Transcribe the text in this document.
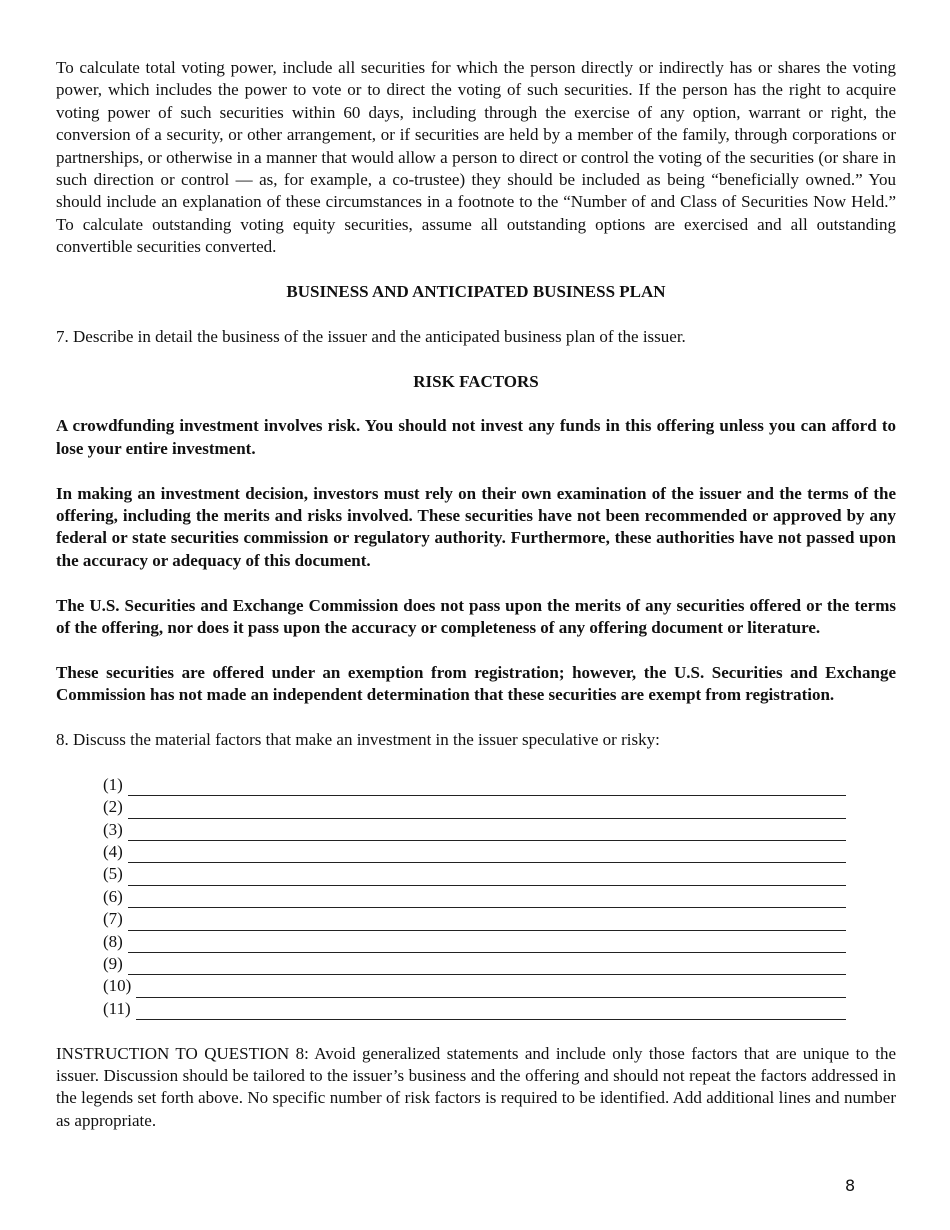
To calculate total voting power, include all securities for which the person directly or indirectly has or shares the voting power, which includes the power to vote or to direct the voting of such securities. If the person has the right to acquire voting power of such securities within 60 days, including through the exercise of any option, warrant or right, the conversion of a security, or other arrangement, or if securities are held by a member of the family, through corporations or partnerships, or otherwise in a manner that would allow a person to direct or control the voting of the securities (or share in such direction or control — as, for example, a co-trustee) they should be included as being “beneficially owned.” You should include an explanation of these circumstances in a footnote to the “Number of and Class of Securities Now Held.” To calculate outstanding voting equity securities, assume all outstanding options are exercised and all outstanding convertible securities converted.

BUSINESS AND ANTICIPATED BUSINESS PLAN

7. Describe in detail the business of the issuer and the anticipated business plan of the issuer.

RISK FACTORS

A crowdfunding investment involves risk. You should not invest any funds in this offering unless you can afford to lose your entire investment.

In making an investment decision, investors must rely on their own examination of the issuer and the terms of the offering, including the merits and risks involved. These securities have not been recommended or approved by any federal or state securities commission or regulatory authority. Furthermore, these authorities have not passed upon the accuracy or adequacy of this document.

The U.S. Securities and Exchange Commission does not pass upon the merits of any securities offered or the terms of the offering, nor does it pass upon the accuracy or completeness of any offering document or literature.

These securities are offered under an exemption from registration; however, the U.S. Securities and Exchange Commission has not made an independent determination that these securities are exempt from registration.

8. Discuss the material factors that make an investment in the issuer speculative or risky:

(1)
(2)
(3)
(4)
(5)
(6)
(7)
(8)
(9)
(10)
(11)

INSTRUCTION TO QUESTION 8: Avoid generalized statements and include only those factors that are unique to the issuer. Discussion should be tailored to the issuer’s business and the offering and should not repeat the factors addressed in the legends set forth above. No specific number of risk factors is required to be identified. Add additional lines and number as appropriate.

8
